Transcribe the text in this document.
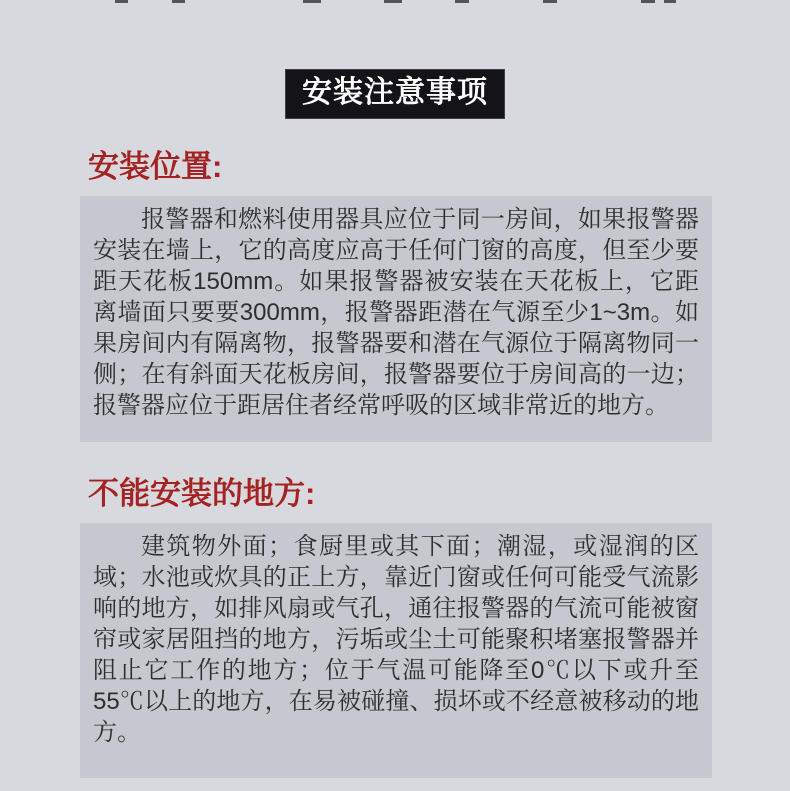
安装注意事项
安装位置:

报警器和燃料使用器具应位于同一房间，如果报警器安装在墙上，它的高度应高于任何门窗的高度，但至少要距天花板150mm。如果报警器被安装在天花板上，它距离墙面只要要300mm，报警器距潜在气源至少1~3m。如果房间内有隔离物，报警器要和潜在气源位于隔离物同一侧；在有斜面天花板房间，报警器要位于房间高的一边；报警器应位于距居住者经常呼吸的区域非常近的地方。

不能安装的地方:

建筑物外面；食厨里或其下面；潮湿，或湿润的区域；水池或炊具的正上方，靠近门窗或任何可能受气流影响的地方，如排风扇或气孔，通往报警器的气流可能被窗帘或家居阻挡的地方，污垢或尘土可能聚积堵塞报警器并阻止它工作的地方；位于气温可能降至0℃以下或升至55℃以上的地方，在易被碰撞、损坏或不经意被移动的地方。
